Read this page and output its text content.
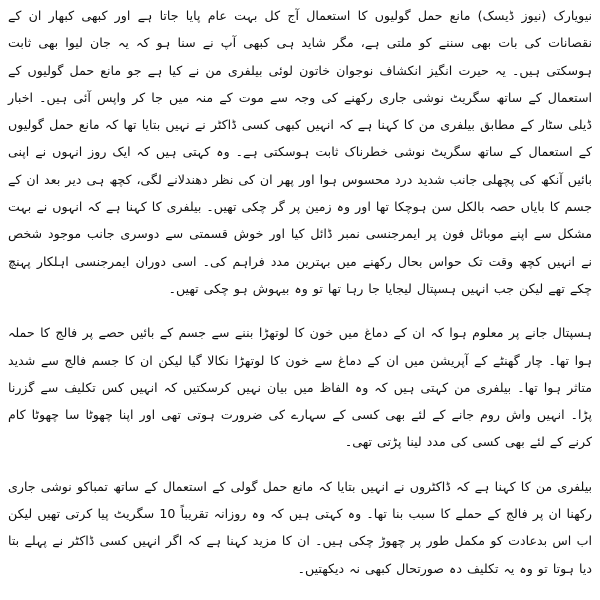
نیویارک (نیوز ڈیسک) مانع حمل گولیوں کا استعمال آج کل بہت عام پایا جاتا ہے اور کبھی کبھار ان کے نقصانات کی بات بھی سننے کو ملتی ہے، مگر شاید ہی کبھی آپ نے سنا ہو کہ یہ جان لیوا بھی ثابت ہوسکتی ہیں۔ یہ حیرت انگیز انکشاف نوجوان خاتون لوئی بیلفری من نے کیا ہے جو مانع حمل گولیوں کے استعمال کے ساتھ سگریٹ نوشی جاری رکھنے کی وجہ سے موت کے منہ میں جا کر واپس آئی ہیں۔ اخبار ڈیلی سٹار کے مطابق بیلفری من کا کہنا ہے کہ انہیں کبھی کسی ڈاکٹر نے نہیں بتایا تھا کہ مانع حمل گولیوں کے استعمال کے ساتھ سگریٹ نوشی خطرناک ثابت ہوسکتی ہے۔ وہ کہتی ہیں کہ ایک روز انہوں نے اپنی بائیں آنکھ کی پچھلی جانب شدید درد محسوس ہوا اور پھر ان کی نظر دھندلانے لگی، کچھ ہی دیر بعد ان کے جسم کا بایاں حصہ بالکل سن ہوچکا تھا اور وہ زمین پر گر چکی تھیں۔ بیلفری کا کہنا ہے کہ انہوں نے بہت مشکل سے اپنے موبائل فون پر ایمرجنسی نمبر ڈائل کیا اور خوش قسمتی سے دوسری جانب موجود شخص نے انہیں کچھ وقت تک حواس بحال رکھنے میں بہترین مدد فراہم کی۔ اسی دوران ایمرجنسی اہلکار پہنچ چکے تھے لیکن جب انہیں ہسپتال لیجایا جا رہا تھا تو وہ بیہوش ہو چکی تھیں۔

ہسپتال جانے پر معلوم ہوا کہ ان کے دماغ میں خون کا لوتھڑا بننے سے جسم کے بائیں حصے پر فالج کا حملہ ہوا تھا۔ چار گھنٹے کے آپریشن میں ان کے دماغ سے خون کا لوتھڑا نکالا گیا لیکن ان کا جسم فالج سے شدید متاثر ہوا تھا۔ بیلفری من کہتی ہیں کہ وہ الفاظ میں بیان نہیں کرسکتیں کہ انہیں کس تکلیف سے گزرنا پڑا۔ انہیں واش روم جانے کے لئے بھی کسی کے سہارے کی ضرورت ہوتی تھی اور اپنا چھوٹا سا چھوٹا کام کرنے کے لئے بھی کسی کی مدد لینا پڑتی تھی۔

بیلفری من کا کہنا ہے کہ ڈاکٹروں نے انہیں بتایا کہ مانع حمل گولی کے استعمال کے ساتھ تمباکو نوشی جاری رکھنا ان پر فالج کے حملے کا سبب بنا تھا۔ وہ کہتی ہیں کہ وہ روزانہ تقریباً 10 سگریٹ پیا کرتی تھیں لیکن اب اس بدعادت کو مکمل طور پر چھوڑ چکی ہیں۔ ان کا مزید کہنا ہے کہ اگر انہیں کسی ڈاکٹر نے پہلے بتا دیا ہوتا تو وہ یہ تکلیف دہ صورتحال کبھی نہ دیکھتیں۔
